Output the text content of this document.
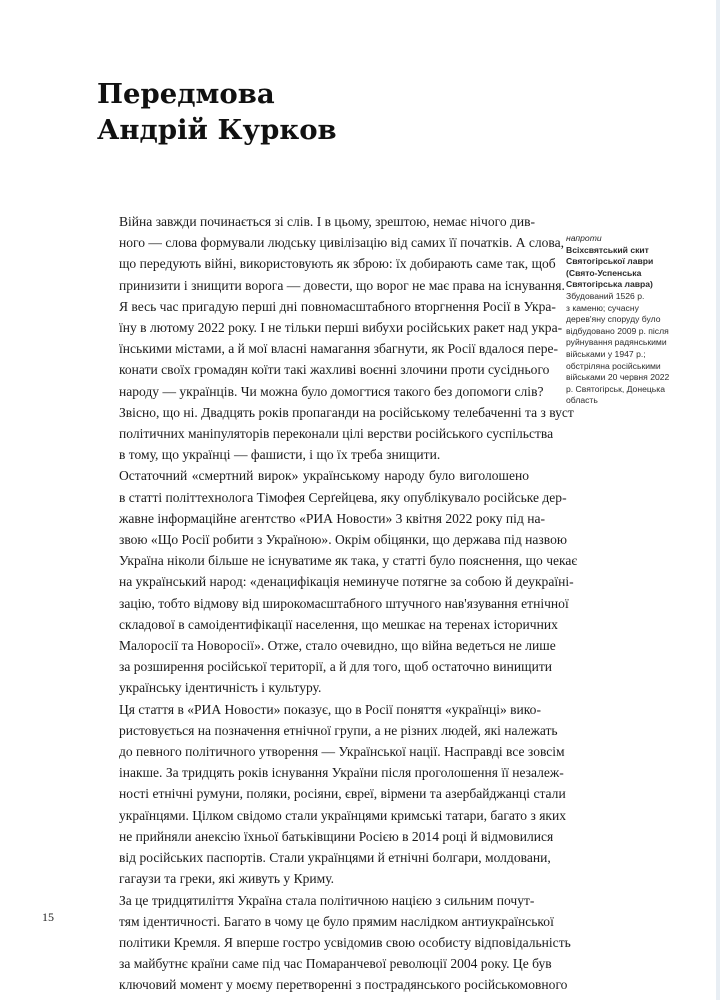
Передмова
Андрій Курков
напроти
Всіхсвятський скит
Святогірської лаври
(Свято-Успенська
Святогірська лавра)
Збудований 1526 р.
з каменю; сучасну
дерев'яну споруду було
відбудовано 2009 р. після
руйнування радянськими
військами у 1947 р.;
обстріляна російськими
військами 20 червня 2022
р. Святогірськ, Донецька
область

Війна завжди починається зі слів. І в цьому, зрештою, немає нічого див-
ного — слова формували людську цивілізацію від самих її початків. А слова,
що передують війні, використовують як зброю: їх добирають саме так, щоб
принизити і знищити ворога — довести, що ворог не має права на існування.

Я весь час пригадую перші дні повномасштабного вторгнення Росії в Укра-
їну в лютому 2022 року. І не тільки перші вибухи російських ракет над укра-
їнськими містами, а й мої власні намагання збагнути, як Росії вдалося пере-
конати своїх громадян коїти такі жахливі воєнні злочини проти сусіднього
народу — українців. Чи можна було домогтися такого без допомоги слів?
Звісно, що ні. Двадцять років пропаганди на російському телебаченні та з вуст
політичних маніпуляторів переконали цілі верстви російського суспільства
в тому, що українці — фашисти, і що їх треба знищити.

Остаточний «смертний вирок» українському народу було виголошено
в статті політтехнолога Тімофея Серґейцева, яку опублікувало російське дер-
жавне інформаційне агентство «РИА Новости» 3 квітня 2022 року під на-
звою «Що Росії робити з Україною». Окрім обіцянки, що держава під назвою
Україна ніколи більше не існуватиме як така, у статті було пояснення, що чекає
на український народ: «денацифікація неминуче потягне за собою й деукраїні-
зацію, тобто відмову від широкомасштабного штучного нав'язування етнічної
складової в самоідентифікації населення, що мешкає на теренах історичних
Малоросії та Новоросії». Отже, стало очевидно, що війна ведеться не лише
за розширення російської території, а й для того, щоб остаточно винищити
українську ідентичність і культуру.

Ця стаття в «РИА Новости» показує, що в Росії поняття «українці» вико-
ристовується на позначення етнічної групи, а не різних людей, які належать
до певного політичного утворення — Української нації. Насправді все зовсім
інакше. За тридцять років існування України після проголошення її незалеж-
ності етнічні румуни, поляки, росіяни, євреї, вірмени та азербайджанці стали
українцями. Цілком свідомо стали українцями кримські татари, багато з яких
не прийняли анексію їхньої батьківщини Росією в 2014 році й відмовилися
від російських паспортів. Стали українцями й етнічні болгари, молдовани,
гагаузи та греки, які живуть у Криму.

За це тридцятиліття Україна стала політичною нацією з сильним почут-
тям ідентичності. Багато в чому це було прямим наслідком антиукраїнської
політики Кремля. Я вперше гостро усвідомив свою особисту відповідальність
за майбутнє країни саме під час Помаранчевої революції 2004 року. Це був
ключовий момент у моєму перетворенні з пострадянського російськомовного

15
